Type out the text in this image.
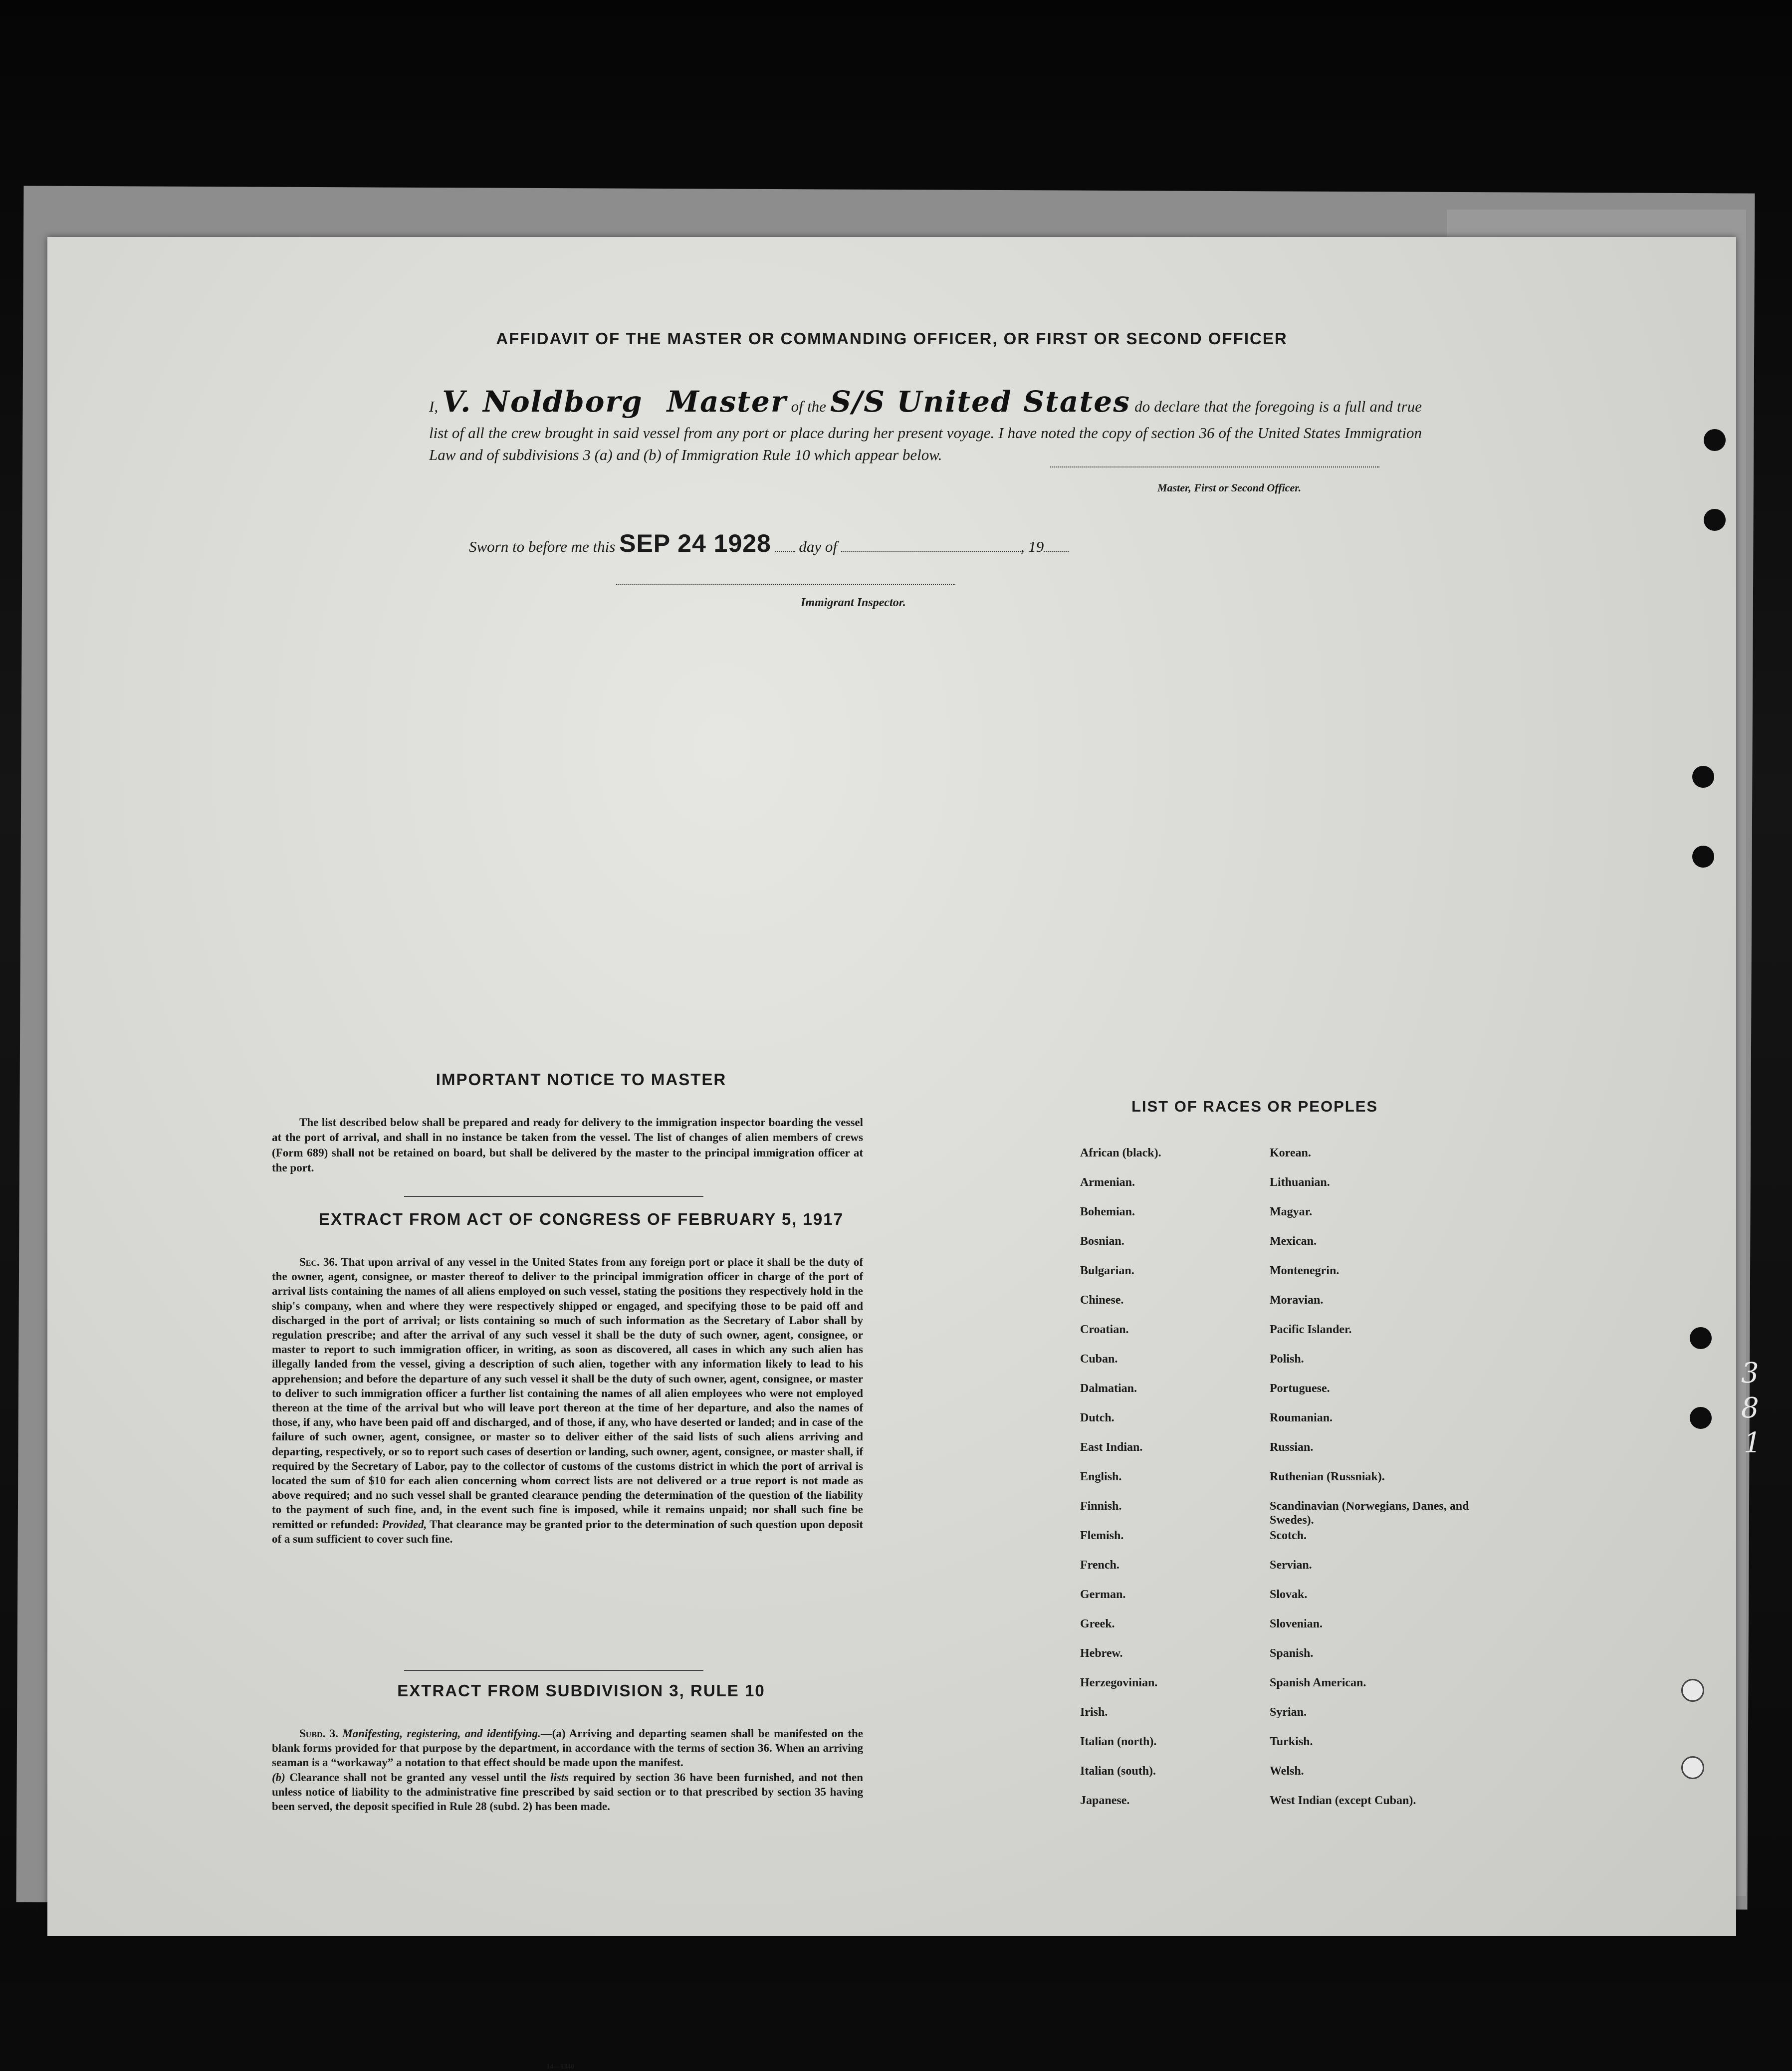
AFFIDAVIT OF THE MASTER OR COMMANDING OFFICER, OR FIRST OR SECOND OFFICER
I, V. Noldborg Master of the S/S United States do declare that the foregoing is a full and true list of all the crew brought in said vessel from any port or place during her present voyage. I have noted the copy of section 36 of the United States Immigration Law and of subdivisions 3 (a) and (b) of Immigration Rule 10 which appear below.
Master, First or Second Officer.
Sworn to before me this SEP 24 1928 day of	, 19
Immigrant Inspector.
IMPORTANT NOTICE TO MASTER
The list described below shall be prepared and ready for delivery to the immigration inspector boarding the vessel at the port of arrival, and shall in no instance be taken from the vessel. The list of changes of alien members of crews (Form 689) shall not be retained on board, but shall be delivered by the master to the principal immigration officer at the port.
EXTRACT FROM ACT OF CONGRESS OF FEBRUARY 5, 1917
Sec. 36. That upon arrival of any vessel in the United States from any foreign port or place it shall be the duty of the owner, agent, consignee, or master thereof to deliver to the principal immigration officer in charge of the port of arrival lists containing the names of all aliens employed on such vessel, stating the positions they respectively hold in the ship's company, when and where they were respectively shipped or engaged, and specifying those to be paid off and discharged in the port of arrival; or lists containing so much of such information as the Secretary of Labor shall by regulation prescribe; and after the arrival of any such vessel it shall be the duty of such owner, agent, consignee, or master to report to such immigration officer, in writing, as soon as discovered, all cases in which any such alien has illegally landed from the vessel, giving a description of such alien, together with any information likely to lead to his apprehension; and before the departure of any such vessel it shall be the duty of such owner, agent, consignee, or master to deliver to such immigration officer a further list containing the names of all alien employees who were not employed thereon at the time of the arrival but who will leave port thereon at the time of her departure, and also the names of those, if any, who have been paid off and discharged, and of those, if any, who have deserted or landed; and in case of the failure of such owner, agent, consignee, or master so to deliver either of the said lists of such aliens arriving and departing, respectively, or so to report such cases of desertion or landing, such owner, agent, consignee, or master shall, if required by the Secretary of Labor, pay to the collector of customs of the customs district in which the port of arrival is located the sum of $10 for each alien concerning whom correct lists are not delivered or a true report is not made as above required; and no such vessel shall be granted clearance pending the determination of the question of the liability to the payment of such fine, and, in the event such fine is imposed, while it remains unpaid; nor shall such fine be remitted or refunded: Provided, That clearance may be granted prior to the determination of such question upon deposit of a sum sufficient to cover such fine.
EXTRACT FROM SUBDIVISION 3, RULE 10
Subd. 3. Manifesting, registering, and identifying.—(a) Arriving and departing seamen shall be manifested on the blank forms provided for that purpose by the department, in accordance with the terms of section 36. When an arriving seaman is a “workaway” a notation to that effect should be made upon the manifest.
(b) Clearance shall not be granted any vessel until the lists required by section 36 have been furnished, and not then unless notice of liability to the administrative fine prescribed by said section or to that prescribed by section 35 having been served, the deposit specified in Rule 28 (subd. 2) has been made.
14—1340
LIST OF RACES OR PEOPLES
African (black).
Armenian.
Bohemian.
Bosnian.
Bulgarian.
Chinese.
Croatian.
Cuban.
Dalmatian.
Dutch.
East Indian.
English.
Finnish.
Flemish.
French.
German.
Greek.
Hebrew.
Herzegovinian.
Irish.
Italian (north).
Italian (south).
Japanese.
Korean.
Lithuanian.
Magyar.
Mexican.
Montenegrin.
Moravian.
Pacific Islander.
Polish.
Portuguese.
Roumanian.
Russian.
Ruthenian (Russniak).
Scandinavian (Norwegians, Danes, and Swedes).
Scotch.
Servian.
Slovak.
Slovenian.
Spanish.
Spanish American.
Syrian.
Turkish.
Welsh.
West Indian (except Cuban).
3
8
1
